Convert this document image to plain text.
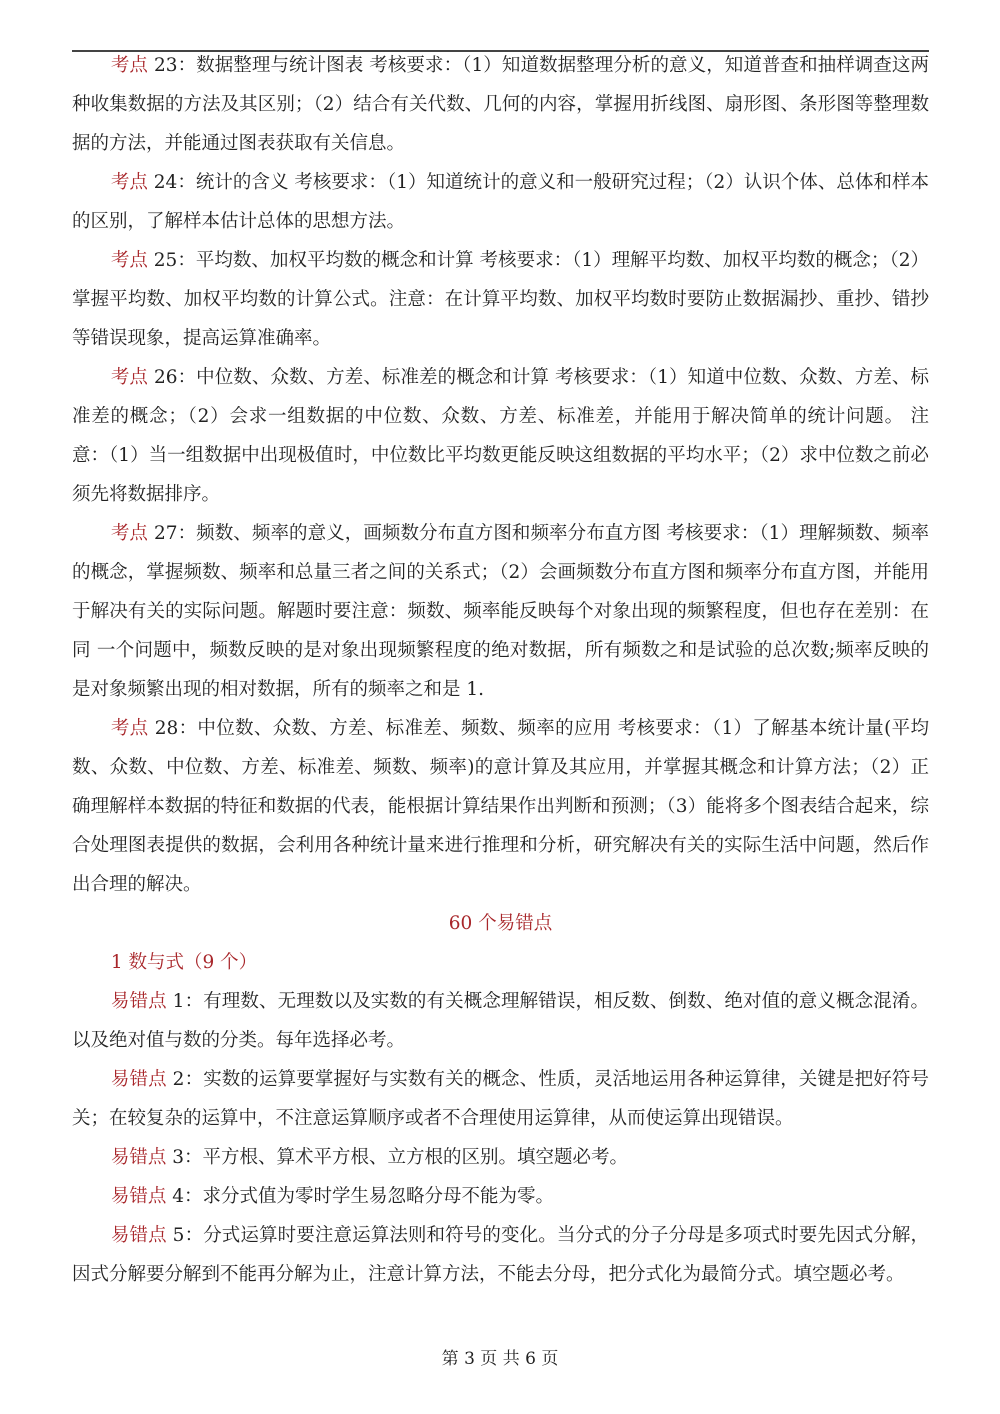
考点 23：数据整理与统计图表 考核要求：（1）知道数据整理分析的意义，知道普查和抽样调查这两种收集数据的方法及其区别；（2）结合有关代数、几何的内容，掌握用折线图、扇形图、条形图等整理数据的方法，并能通过图表获取有关信息。

考点 24：统计的含义 考核要求：（1）知道统计的意义和一般研究过程；（2）认识个体、总体和样本的区别，了解样本估计总体的思想方法。

考点 25：平均数、加权平均数的概念和计算 考核要求：（1）理解平均数、加权平均数的概念；（2）掌握平均数、加权平均数的计算公式。注意：在计算平均数、加权平均数时要防止数据漏抄、重抄、错抄等错误现象，提高运算准确率。

考点 26：中位数、众数、方差、标准差的概念和计算 考核要求：（1）知道中位数、众数、方差、标准差的概念；（2）会求一组数据的中位数、众数、方差、标准差，并能用于解决简单的统计问题。 注意：（1）当一组数据中出现极值时，中位数比平均数更能反映这组数据的平均水平；（2）求中位数之前必须先将数据排序。

考点 27：频数、频率的意义，画频数分布直方图和频率分布直方图 考核要求：（1）理解频数、频率的概念，掌握频数、频率和总量三者之间的关系式；（2）会画频数分布直方图和频率分布直方图，并能用于解决有关的实际问题。解题时要注意：频数、频率能反映每个对象出现的频繁程度，但也存在差别：在同 一个问题中，频数反映的是对象出现频繁程度的绝对数据，所有频数之和是试验的总次数;频率反映的是对象频繁出现的相对数据，所有的频率之和是 1.

考点 28：中位数、众数、方差、标准差、频数、频率的应用 考核要求：（1）了解基本统计量(平均数、众数、中位数、方差、标准差、频数、频率)的意计算及其应用，并掌握其概念和计算方法；（2）正确理解样本数据的特征和数据的代表，能根据计算结果作出判断和预测；（3）能将多个图表结合起来，综合处理图表提供的数据，会利用各种统计量来进行推理和分析，研究解决有关的实际生活中问题，然后作出合理的解决。

60 个易错点

1 数与式（9 个）

易错点 1：有理数、无理数以及实数的有关概念理解错误，相反数、倒数、绝对值的意义概念混淆。以及绝对值与数的分类。每年选择必考。

易错点 2：实数的运算要掌握好与实数有关的概念、性质，灵活地运用各种运算律，关键是把好符号关；在较复杂的运算中，不注意运算顺序或者不合理使用运算律，从而使运算出现错误。

易错点 3：平方根、算术平方根、立方根的区别。填空题必考。

易错点 4：求分式值为零时学生易忽略分母不能为零。

易错点 5：分式运算时要注意运算法则和符号的变化。当分式的分子分母是多项式时要先因式分解，因式分解要分解到不能再分解为止，注意计算方法，不能去分母，把分式化为最简分式。填空题必考。

第 3 页 共 6 页
